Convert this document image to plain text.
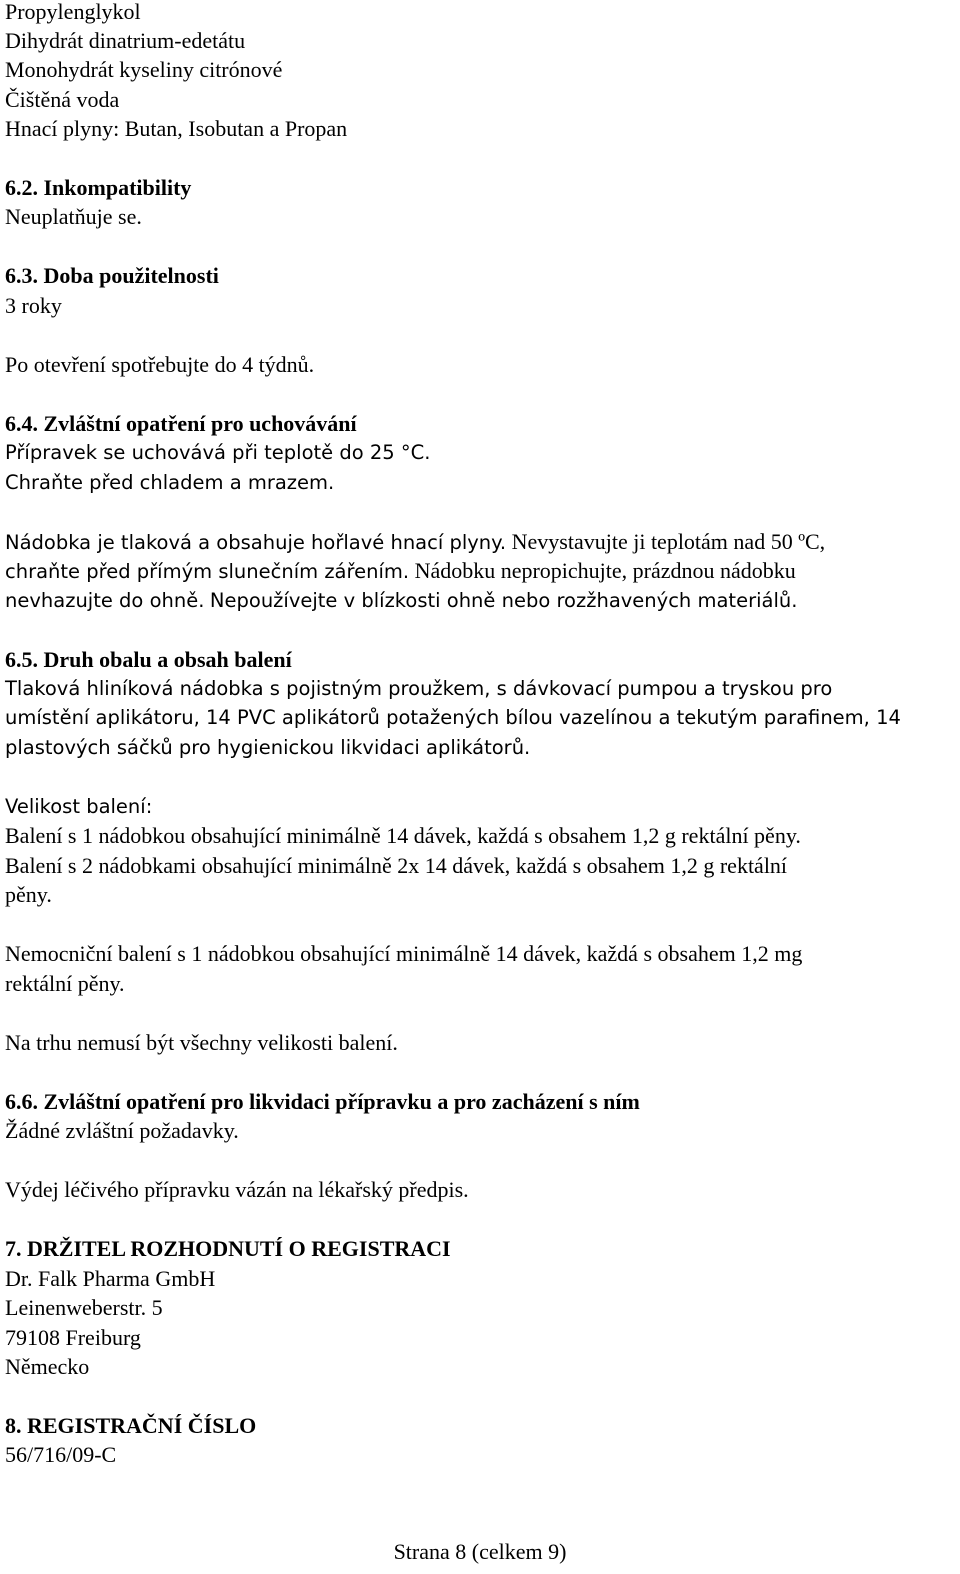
Propylenglykol
Dihydrát dinatrium-edetátu
Monohydrát kyseliny citrónové
Čištěná voda
Hnací plyny: Butan, Isobutan a Propan
6.2. Inkompatibility
Neuplatňuje se.
6.3. Doba použitelnosti
3 roky
Po otevření spotřebujte do 4 týdnů.
6.4. Zvláštní opatření pro uchovávání
Přípravek se uchovává při teplotě do 25 °C.
Chraňte před chladem a mrazem.
Nádobka je tlaková a obsahuje hořlavé hnací plyny. Nevystavujte ji teplotám nad 50 ºC,
chraňte před přímým slunečním zářením. Nádobku nepropichujte, prázdnou nádobku
nevhazujte do ohně. Nepoužívejte v blízkosti ohně nebo rozžhavených materiálů.
6.5. Druh obalu a obsah balení
Tlaková hliníková nádobka s pojistným proužkem, s dávkovací pumpou a tryskou pro
umístění aplikátoru, 14 PVC aplikátorů potažených bílou vazelínou a tekutým parafinem, 14
plastových sáčků pro hygienickou likvidaci aplikátorů.
Velikost balení:
Balení s 1 nádobkou obsahující minimálně 14 dávek, každá s obsahem 1,2 g rektální pěny.
Balení s 2 nádobkami obsahující minimálně 2x 14 dávek, každá s obsahem 1,2 g rektální
pěny.
Nemocniční balení s 1 nádobkou obsahující minimálně 14 dávek, každá s obsahem 1,2 mg
rektální pěny.
Na trhu nemusí být všechny velikosti balení.
6.6. Zvláštní opatření pro likvidaci přípravku a pro zacházení s ním
Žádné zvláštní požadavky.
Výdej léčivého přípravku vázán na lékařský předpis.
7. DRŽITEL ROZHODNUTÍ O REGISTRACI
Dr. Falk Pharma GmbH
Leinenweberstr. 5
79108 Freiburg
Německo
8. REGISTRAČNÍ ČÍSLO
56/716/09-C
Strana 8 (celkem 9)
